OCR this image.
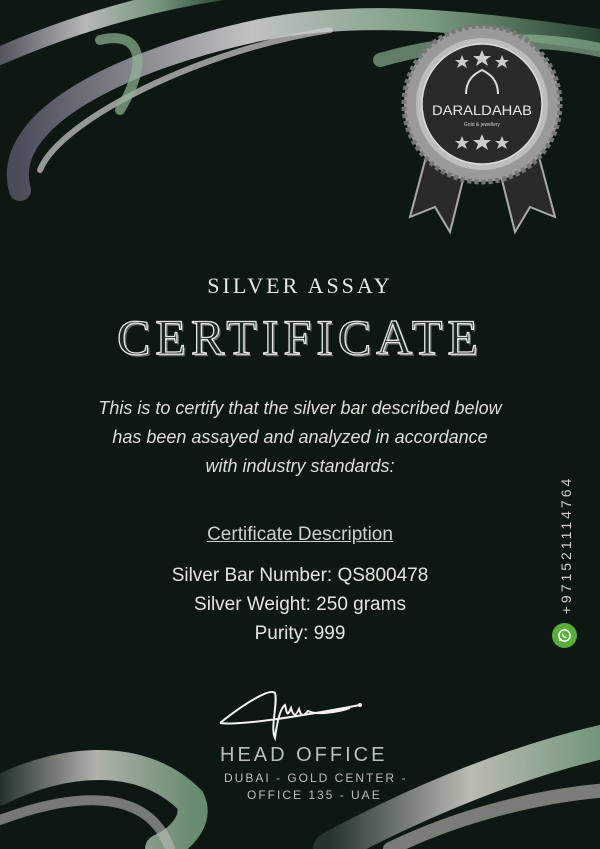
DARALDAHAB
Gold & jewellery
SILVER ASSAY
CERTIFICATE
This is to certify that the silver bar described below
has been assayed and analyzed in accordance
with industry standards:
Certificate Description
Silver Bar Number: QS800478
Silver Weight: 250 grams
Purity: 999
HEAD OFFICE
DUBAI - GOLD CENTER -
OFFICE 135 - UAE
+971521114764
